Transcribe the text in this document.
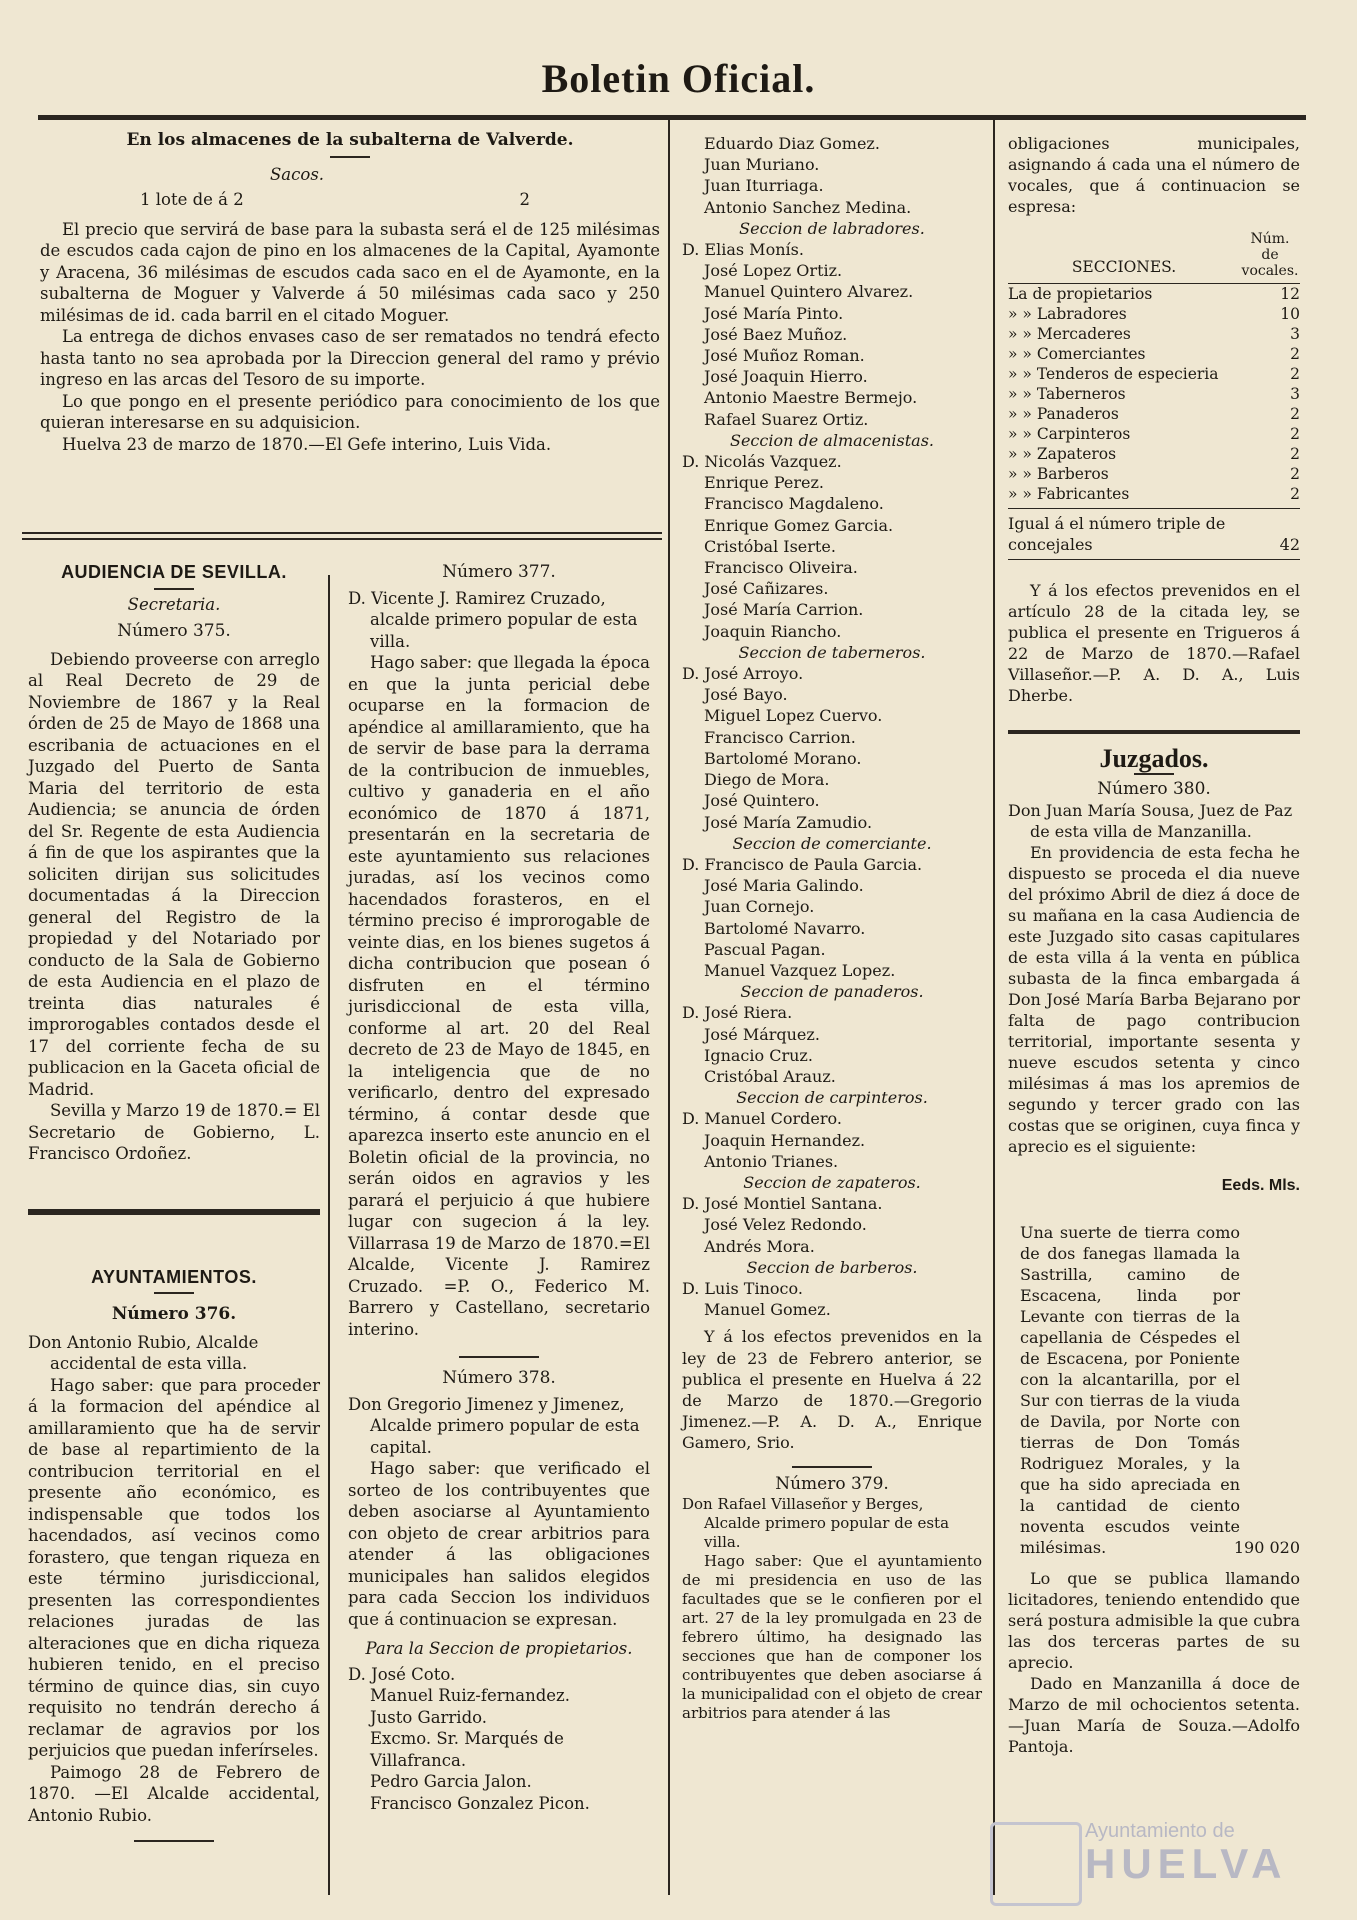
Boletin Oficial.

En los almacenes de la subalterna de Valverde.

Sacos.

1 lote de á 2	2

El precio que servirá de base para la subasta será el de 125 milésimas de escudos cada cajon de pino en los almacenes de la Capital, Ayamonte y Aracena, 36 milésimas de escudos cada saco en el de Ayamonte, en la subalterna de Moguer y Valverde á 50 milésimas cada saco y 250 milésimas de id. cada barril en el citado Moguer.

La entrega de dichos envases caso de ser rematados no tendrá efecto hasta tanto no sea aprobada por la Direccion general del ramo y prévio ingreso en las arcas del Tesoro de su importe.

Lo que pongo en el presente periódico para conocimiento de los que quieran interesarse en su adquisicion.

Huelva 23 de marzo de 1870.—El Gefe interino, Luis Vida.

AUDIENCIA DE SEVILLA.

Secretaria.

Número 375.

Debiendo proveerse con arreglo al Real Decreto de 29 de Noviembre de 1867 y la Real órden de 25 de Mayo de 1868 una escribania de actuaciones en el Juzgado del Puerto de Santa Maria del territorio de esta Audiencia; se anuncia de órden del Sr. Regente de esta Audiencia á fin de que los aspirantes que la soliciten dirijan sus solicitudes documentadas á la Direccion general del Registro de la propiedad y del Notariado por conducto de la Sala de Gobierno de esta Audiencia en el plazo de treinta dias naturales é improrogables contados desde el 17 del corriente fecha de su publicacion en la Gaceta oficial de Madrid.

Sevilla y Marzo 19 de 1870.= El Secretario de Gobierno, L. Francisco Ordoñez.

AYUNTAMIENTOS.

Número 376.

Don Antonio Rubio, Alcalde accidental de esta villa.

Hago saber: que para proceder á la formacion del apéndice al amillaramiento que ha de servir de base al repartimiento de la contribucion territorial en el presente año económico, es indispensable que todos los hacendados, así vecinos como forastero, que tengan riqueza en este término jurisdiccional, presenten las correspondientes relaciones juradas de las alteraciones que en dicha riqueza hubieren tenido, en el preciso término de quince dias, sin cuyo requisito no tendrán derecho á reclamar de agravios por los perjuicios que puedan inferírseles.

Paimogo 28 de Febrero de 1870. —El Alcalde accidental, Antonio Rubio.

Número 377.

D. Vicente J. Ramirez Cruzado, alcalde primero popular de esta villa.

Hago saber: que llegada la época en que la junta pericial debe ocuparse en la formacion de apéndice al amillaramiento, que ha de servir de base para la derrama de la contribucion de inmuebles, cultivo y ganaderia en el año económico de 1870 á 1871, presentarán en la secretaria de este ayuntamiento sus relaciones juradas, así los vecinos como hacendados forasteros, en el término preciso é improrogable de veinte dias, en los bienes sugetos á dicha contribucion que posean ó disfruten en el término jurisdiccional de esta villa, conforme al art. 20 del Real decreto de 23 de Mayo de 1845, en la inteligencia que de no verificarlo, dentro del expresado término, á contar desde que aparezca inserto este anuncio en el Boletin oficial de la provincia, no serán oidos en agravios y les parará el perjuicio á que hubiere lugar con sugecion á la ley. Villarrasa 19 de Marzo de 1870.=El Alcalde, Vicente J. Ramirez Cruzado. =P. O., Federico M. Barrero y Castellano, secretario interino.

Número 378.

Don Gregorio Jimenez y Jimenez, Alcalde primero popular de esta capital.

Hago saber: que verificado el sorteo de los contribuyentes que deben asociarse al Ayuntamiento con objeto de crear arbitrios para atender á las obligaciones municipales han salidos elegidos para cada Seccion los individuos que á continuacion se expresan.

Para la Seccion de propietarios.

D. José Coto.

Manuel Ruiz-fernandez.

Justo Garrido.

Excmo. Sr. Marqués de Villafranca.

Pedro Garcia Jalon.

Francisco Gonzalez Picon.

Eduardo Diaz Gomez.

Juan Muriano.

Juan Iturriaga.

Antonio Sanchez Medina.

Seccion de labradores.

D. Elias Monís.

José Lopez Ortiz.

Manuel Quintero Alvarez.

José María Pinto.

José Baez Muñoz.

José Muñoz Roman.

José Joaquin Hierro.

Antonio Maestre Bermejo.

Rafael Suarez Ortiz.

Seccion de almacenistas.

D. Nicolás Vazquez.

Enrique Perez.

Francisco Magdaleno.

Enrique Gomez Garcia.

Cristóbal Iserte.

Francisco Oliveira.

José Cañizares.

José María Carrion.

Joaquin Riancho.

Seccion de taberneros.

D. José Arroyo.

José Bayo.

Miguel Lopez Cuervo.

Francisco Carrion.

Bartolomé Morano.

Diego de Mora.

José Quintero.

José María Zamudio.

Seccion de comerciante.

D. Francisco de Paula Garcia.

José Maria Galindo.

Juan Cornejo.

Bartolomé Navarro.

Pascual Pagan.

Manuel Vazquez Lopez.

Seccion de panaderos.

D. José Riera.

José Márquez.

Ignacio Cruz.

Cristóbal Arauz.

Seccion de carpinteros.

D. Manuel Cordero.

Joaquin Hernandez.

Antonio Trianes.

Seccion de zapateros.

D. José Montiel Santana.

José Velez Redondo.

Andrés Mora.

Seccion de barberos.

D. Luis Tinoco.

Manuel Gomez.

Y á los efectos prevenidos en la ley de 23 de Febrero anterior, se publica el presente en Huelva á 22 de Marzo de 1870.—Gregorio Jimenez.—P. A. D. A., Enrique Gamero, Srio.

Número 379.

Don Rafael Villaseñor y Berges, Alcalde primero popular de esta villa.

Hago saber: Que el ayuntamiento de mi presidencia en uso de las facultades que se le confieren por el art. 27 de la ley promulgada en 23 de febrero último, ha designado las secciones que han de componer los contribuyentes que deben asociarse á la municipalidad con el objeto de crear arbitrios para atender á las

obligaciones municipales, asignando á cada una el número de vocales, que á continuacion se espresa:

SECCIONES.	Núm. de vocales.
La de propietarios	12
» » Labradores	10
» » Mercaderes	3
» » Comerciantes	2
» » Tenderos de especieria	2
» » Taberneros	3
» » Panaderos	2
» » Carpinteros	2
» » Zapateros	2
» » Barberos	2
» » Fabricantes	2
Igual á el número triple de concejales	42

Y á los efectos prevenidos en el artículo 28 de la citada ley, se publica el presente en Trigueros á 22 de Marzo de 1870.—Rafael Villaseñor.—P. A. D. A., Luis Dherbe.

Juzgados.

Número 380.

Don Juan María Sousa, Juez de Paz de esta villa de Manzanilla.

En providencia de esta fecha he dispuesto se proceda el dia nueve del próximo Abril de diez á doce de su mañana en la casa Audiencia de este Juzgado sito casas capitulares de esta villa á la venta en pública subasta de la finca embargada á Don José María Barba Bejarano por falta de pago contribucion territorial, importante sesenta y nueve escudos setenta y cinco milésimas á mas los apremios de segundo y tercer grado con las costas que se originen, cuya finca y aprecio es el siguiente:

Eeds. Mls.

Una suerte de tierra como de dos fanegas llamada la Sastrilla, camino de Escacena, linda por Levante con tierras de la capellania de Céspedes el de Escacena, por Poniente con la alcantarilla, por el Sur con tierras de la viuda de Davila, por Norte con tierras de Don Tomás Rodriguez Morales, y la que ha sido apreciada en la cantidad de ciento noventa escudos veinte milésimas.	190 020

Lo que se publica llamando licitadores, teniendo entendido que será postura admisible la que cubra las dos terceras partes de su aprecio.

Dado en Manzanilla á doce de Marzo de mil ochocientos setenta. —Juan María de Souza.—Adolfo Pantoja.

Ayuntamiento de
HUELVA
